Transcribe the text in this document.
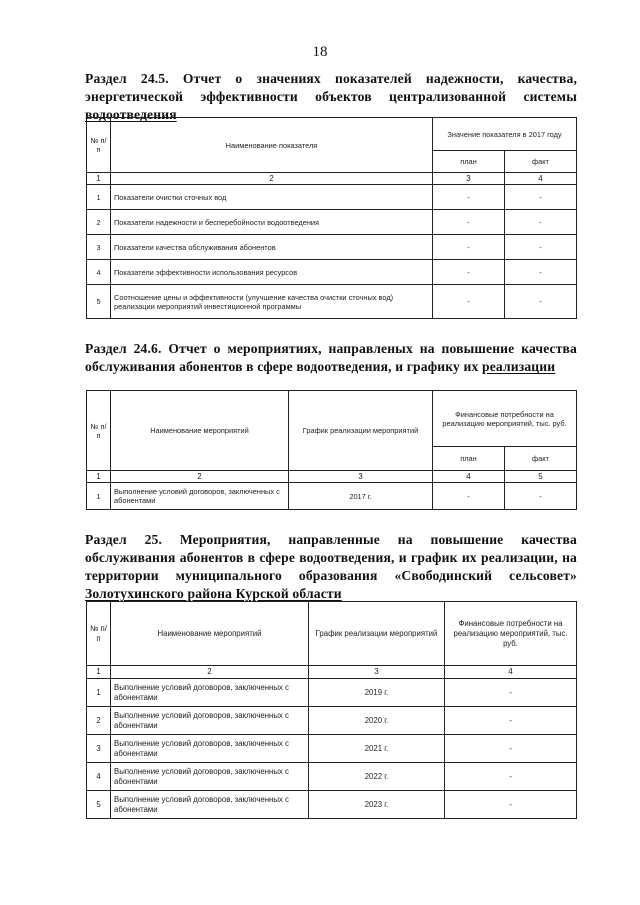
18
Раздел 24.5. Отчет о значениях показателей надежности, качества, энергетической эффективности объектов централизованной системы водоотведения
№ п/п	Наименование показателя	Значение показателя в 2017 году	
		план	факт
1	2	3	4
1	Показатели очистки сточных вод	-	-
2	Показатели надежности и бесперебойности водоотведения	-	-
3	Показатели качества обслуживания абонентов	-	-
4	Показатели эффективности использования ресурсов	-	-
5	Соотношение цены и эффективности (улучшение качества очистки сточных вод) реализации мероприятий инвестиционной программы	-	-
Раздел 24.6. Отчет о мероприятиях, направленых на повышение качества обслуживания абонентов в сфере водоотведения, и графику их реализации
№ п/п	Наименование мероприятий	График реализации мероприятий	Финансовые потребности на реализацию мероприятий, тыс. руб.	
			план	факт
1	2	3	4	5
1	Выполнение условий договоров, заключенных с абонентами	2017 г.	-	-
Раздел 25. Мероприятия, направленные на повышение качества обслуживания абонентов в сфере водоотведения, и график их реализации, на территории муниципального образования «Свободинский сельсовет» Золотухинского района Курской области
№ п/п	Наименование мероприятий	График реализации мероприятий	Финансовые потребности на реализацию мероприятий, тыс. руб.
1	2	3	4
1	Выполнение условий договоров, заключенных с абонентами	2019 г.	-
2	Выполнение условий договоров, заключенных с абонентами	2020 г.	-
3	Выполнение условий договоров, заключенных с абонентами	2021 г.	-
4	Выполнение условий договоров, заключенных с абонентами	2022 г.	-
5	Выполнение условий договоров, заключенных с абонентами	2023 г.	-
